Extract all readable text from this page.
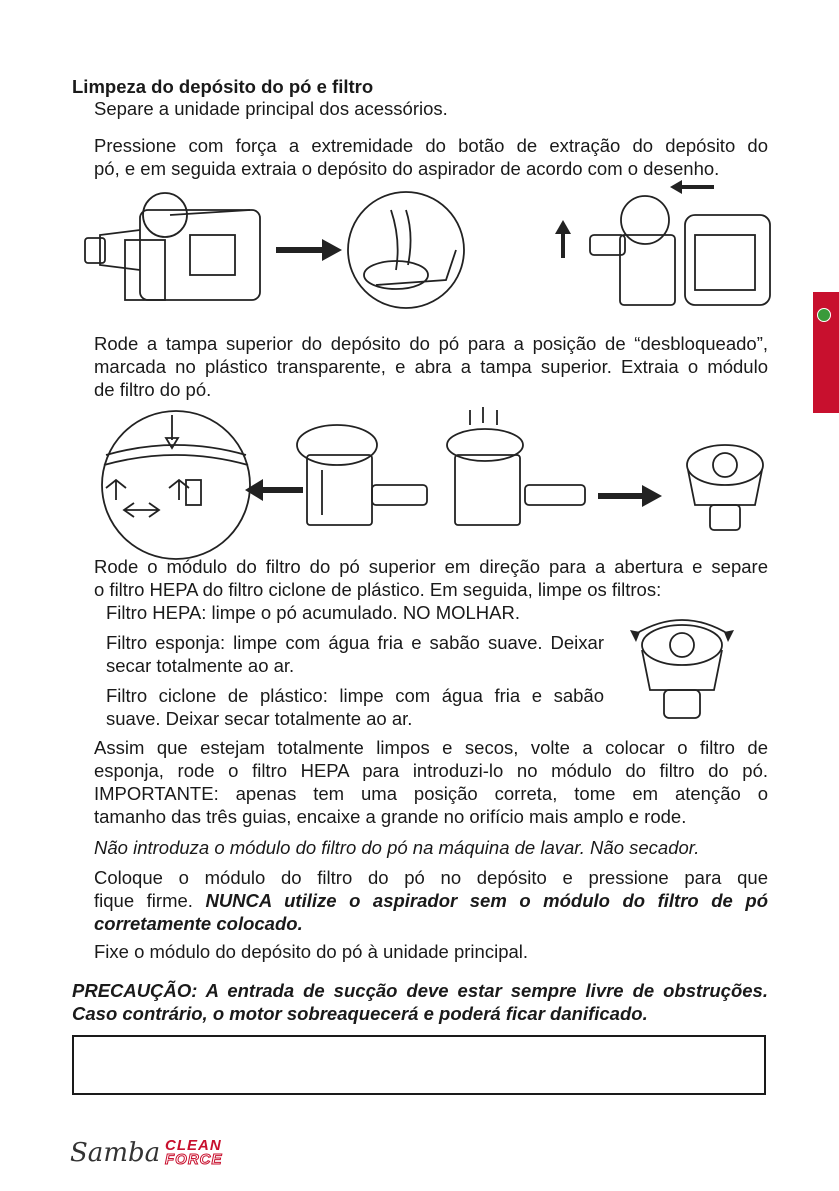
Limpeza do depósito do pó e filtro
Separe a unidade principal dos acessórios.
Pressione com força a extremidade do botão de extração do depósito do
pó, e em seguida extraia o depósito do aspirador de acordo com o desenho.
Rode a tampa superior do depósito do pó para a posição de “desbloqueado”,
marcada no plástico transparente, e abra a tampa superior. Extraia o módulo
de filtro do pó.
Rode o módulo do filtro do pó superior em direção para a abertura e separe
o filtro HEPA do filtro ciclone de plástico. Em seguida, limpe os filtros:
Filtro HEPA: limpe o pó acumulado. NO MOLHAR.
Filtro esponja: limpe com água fria e sabão suave. Deixar
secar totalmente ao ar.
Filtro ciclone de plástico: limpe com água fria e sabão
suave. Deixar secar totalmente ao ar.
Assim que estejam totalmente limpos e secos, volte a colocar o filtro de
esponja, rode o filtro HEPA para introduzi-lo no módulo do filtro do pó.
IMPORTANTE: apenas tem uma posição correta, tome em atenção o
tamanho das três guias, encaixe a grande no orifício mais amplo e rode.
Não introduza o módulo do filtro do pó na máquina de lavar. Não secador.
Coloque o módulo do filtro do pó no depósito e pressione para que
fique firme. NUNCA utilize o aspirador sem o módulo do filtro de pó
corretamente colocado.
Fixe o módulo do depósito do pó à unidade principal.
PRECAUÇÃO: A entrada de sucção deve estar sempre livre de obstruções.
Caso contrário, o motor sobreaquecerá e poderá ficar danificado.
Samba CLEAN
FORCE
